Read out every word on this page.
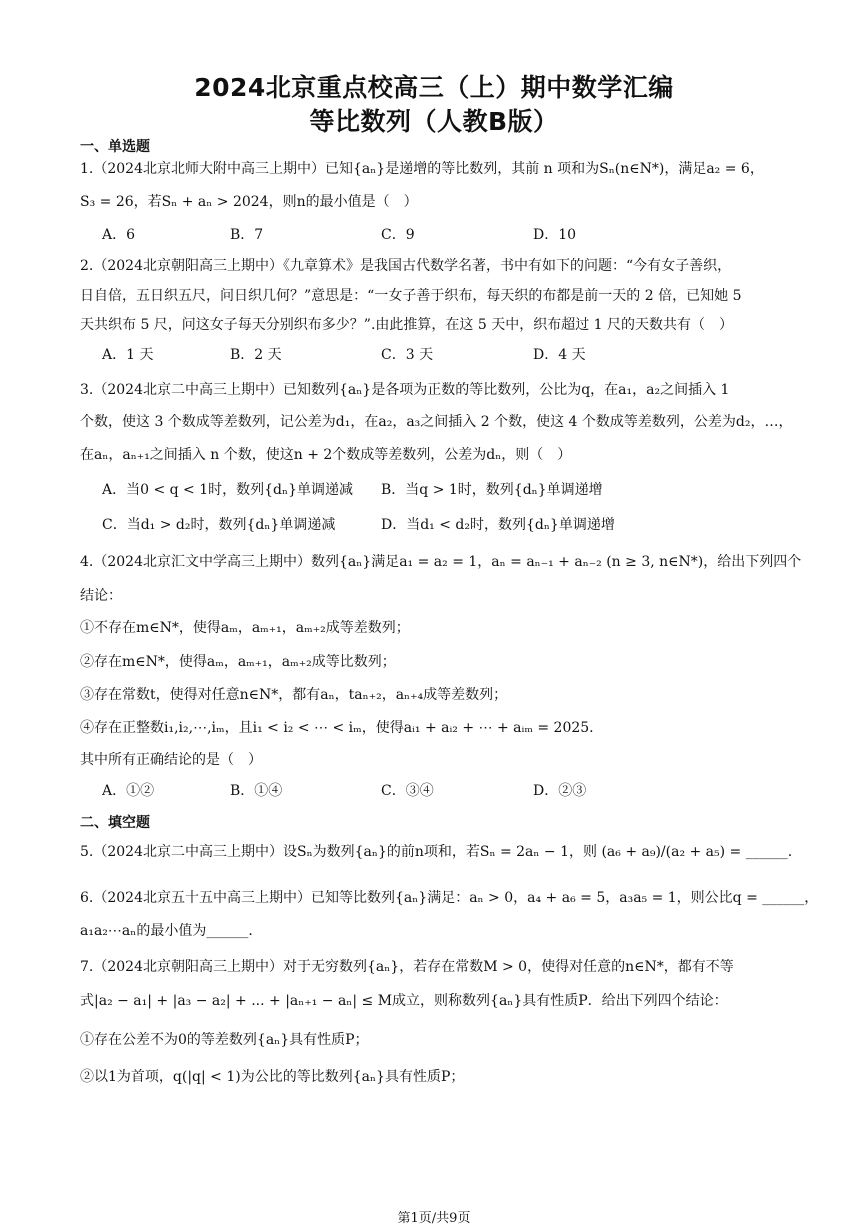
2024北京重点校高三（上）期中数学汇编
等比数列（人教B版）
一、单选题
1.（2024北京北师大附中高三上期中）已知{aₙ}是递增的等比数列，其前 n 项和为Sₙ(n∈N*)，满足a₂ = 6，
S₃ = 26，若Sₙ + aₙ > 2024，则n的最小值是（　）
A．6	B．7	C．9	D．10
2.（2024北京朝阳高三上期中）《九章算术》是我国古代数学名著，书中有如下的问题：“今有女子善织，
日自倍，五日织五尺，问日织几何？”意思是：“一女子善于织布，每天织的布都是前一天的 2 倍，已知她 5
天共织布 5 尺，问这女子每天分别织布多少？”.由此推算，在这 5 天中，织布超过 1 尺的天数共有（　）
A．1 天	B．2 天	C．3 天	D．4 天
3.（2024北京二中高三上期中）已知数列{aₙ}是各项为正数的等比数列，公比为q，在a₁，a₂之间插入 1
个数，使这 3 个数成等差数列，记公差为d₁，在a₂，a₃之间插入 2 个数，使这 4 个数成等差数列，公差为d₂，…，
在aₙ，aₙ₊₁之间插入 n 个数，使这n + 2个数成等差数列，公差为dₙ，则（　）
A．当0 < q < 1时，数列{dₙ}单调递减 B．当q > 1时，数列{dₙ}单调递增
C．当d₁ > d₂时，数列{dₙ}单调递减	D．当d₁ < d₂时，数列{dₙ}单调递增
4.（2024北京汇文中学高三上期中）数列{aₙ}满足a₁ = a₂ = 1，aₙ = aₙ₋₁ + aₙ₋₂ (n ≥ 3, n∈N*)，给出下列四个
结论：
①不存在m∈N*，使得aₘ，aₘ₊₁，aₘ₊₂成等差数列；
②存在m∈N*，使得aₘ，aₘ₊₁，aₘ₊₂成等比数列；
③存在常数t，使得对任意n∈N*，都有aₙ，taₙ₊₂，aₙ₊₄成等差数列；
④存在正整数i₁,i₂,⋯,iₘ，且i₁ < i₂ < ⋯ < iₘ，使得aᵢ₁ + aᵢ₂ + ⋯ + aᵢₘ = 2025.
其中所有正确结论的是（　）
A．①②	B．①④	C．③④	D．②③
二、填空题
5.（2024北京二中高三上期中）设Sₙ为数列{aₙ}的前n项和，若Sₙ = 2aₙ − 1，则 (a₆ + a₉)/(a₂ + a₅) = ______.
6.（2024北京五十五中高三上期中）已知等比数列{aₙ}满足：aₙ > 0，a₄ + a₆ = 5，a₃a₅ = 1，则公比q = ______，
a₁a₂⋯aₙ的最小值为______.
7.（2024北京朝阳高三上期中）对于无穷数列{aₙ}，若存在常数M > 0，使得对任意的n∈N*，都有不等
式|a₂ − a₁| + |a₃ − a₂| + ... + |aₙ₊₁ − aₙ| ≤ M成立，则称数列{aₙ}具有性质P．给出下列四个结论：
①存在公差不为0的等差数列{aₙ}具有性质P；
②以1为首项，q(|q| < 1)为公比的等比数列{aₙ}具有性质P；
第1页/共9页
